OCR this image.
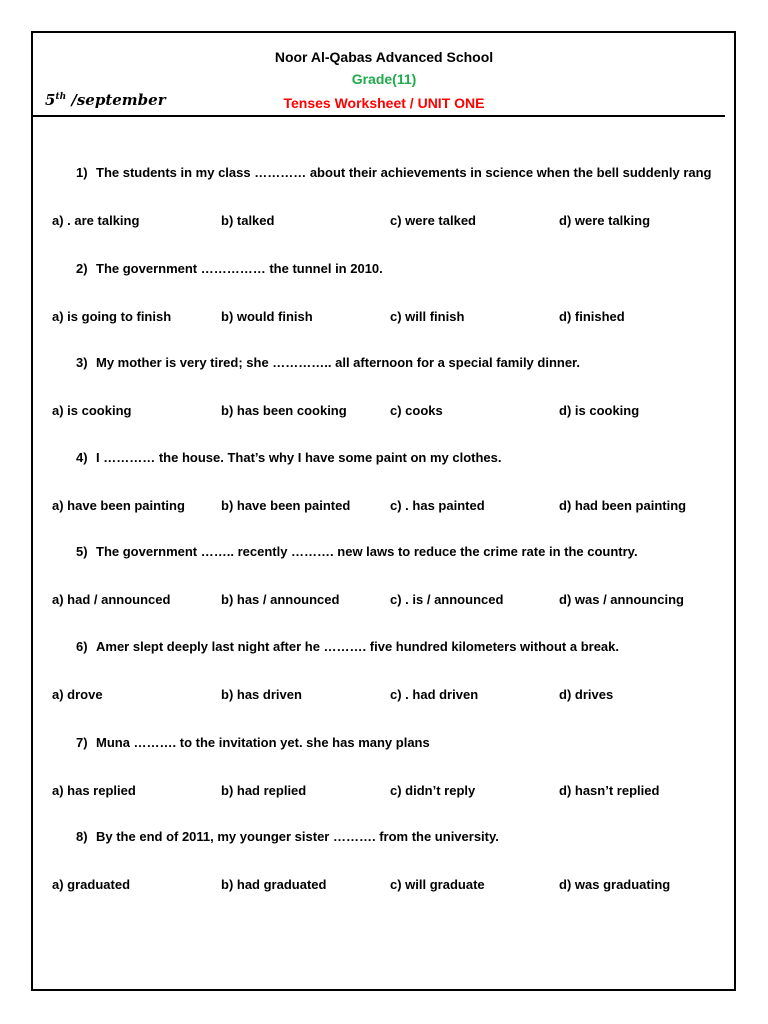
Noor Al-Qabas Advanced School
Grade(11)
5th /september	Tenses Worksheet / UNIT ONE
1) The students in my class ………… about their achievements in science when the bell suddenly rang
a) . are talking	b) talked	c) were talked	d) were talking
2) The government …………… the tunnel in 2010.
a) is going to finish	b) would finish	c) will finish	d) finished
3) My mother is very tired; she ………….. all afternoon for a special family dinner.
a) is cooking	b) has been cooking	c) cooks	d) is cooking
4) I ………… the house. That’s why I have some paint on my clothes.
a) have been painting	b) have been painted	c) . has painted	d) had been painting
5) The government …….. recently ………. new laws to reduce the crime rate in the country.
a) had / announced	b) has / announced	c) . is / announced	d) was / announcing
6) Amer slept deeply last night after he ………. five hundred kilometers without a break.
a) drove	b) has driven	c) . had driven	d) drives
7) Muna ………. to the invitation yet. she has many plans
a) has replied	b) had replied	c) didn’t reply	d) hasn’t replied
8) By the end of 2011, my younger sister ………. from the university.
a) graduated	b) had graduated	c) will graduate	d) was graduating
